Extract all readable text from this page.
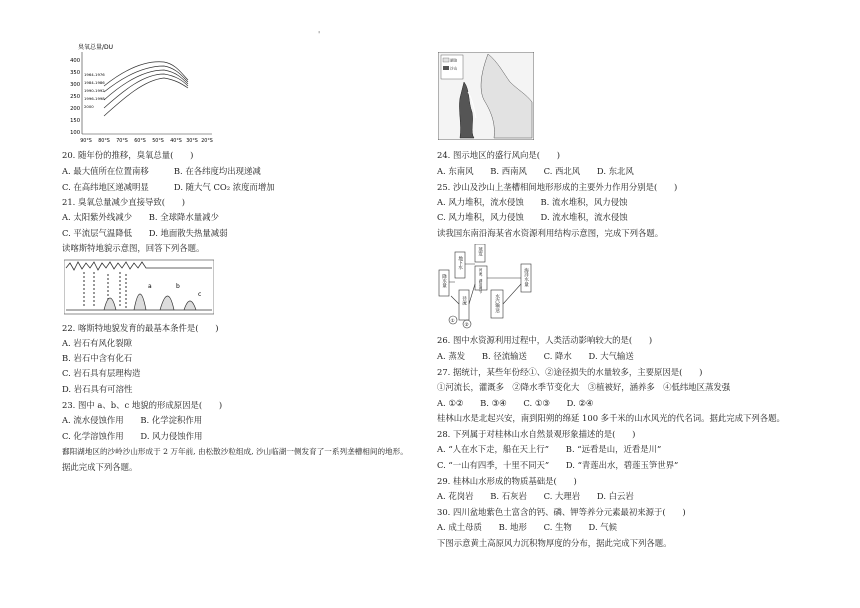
'
臭氧总量/DU
400
350
300
250
200
150
100
90°S 80°S 70°S 60°S 50°S 40°S 30°S 20°S
1964-1976
1984-1986
1990-1992
1996-1998
2000
20. 随年份的推移，臭氧总量(　　)
A. 最大值所在位置南移　　　B. 在各纬度均出现递减
C. 在高纬地区递减明显　　　D. 随大气 CO₂ 浓度而增加
21. 臭氧总量减少直接导致(　　)
A. 太阳紫外线减少　　B. 全球降水量减少
C. 平流层气温降低　　D. 地面散失热量减弱
读喀斯特地貌示意图，回答下列各题。
a	b
c
22. 喀斯特地貌发育的最基本条件是(　　)
A. 岩石有风化裂隙
B. 岩石中含有化石
C. 岩石具有层理构造
D. 岩石具有可溶性
23. 图中 a、b、c 地貌的形成原因是(　　)
A. 流水侵蚀作用　　B. 化学淀积作用
C. 化学溶蚀作用　　D. 风力侵蚀作用
鄱阳湖地区的沙岭沙山形成于 2 万年前, 由松散沙粒组成, 沙山临湖一侧发育了一系列垄槽相间的地形。
据此完成下列各题。
湖泊
沙山
24. 图示地区的盛行风向是(　　)
A. 东南风　　B. 西南风　　C. 西北风　　D. 东北风
25. 沙山及沙山上垄槽相间地形形成的主要外力作用分别是(　　)
A. 风力堆积，流水侵蚀　　B. 流水堆积，风力侵蚀
C. 风力堆积，风力侵蚀　　D. 流水堆积，流水侵蚀
读我国东南沿海某省水资源利用结构示意图，完成下列各题。
降水量
地下水
蒸发
径流
河流、湖泊调节
水汽输送
海洋水量
①
②
26. 图中水资源利用过程中，人类活动影响较大的是(　　)
A. 蒸发　　B. 径流输送　　C. 降水　　D. 大气输送
27. 据统计，某些年份经①、②途径损失的水量较多，主要原因是(　　)
①河流长，灌溉多　②降水季节变化大　③植被好，涵养多　④低纬地区蒸发强
A. ①②　　B. ③④　　C. ①③　　D. ②④
桂林山水是北起兴安，南到阳朔的绵延 100 多千米的山水风光的代名词。据此完成下列各题。
28. 下列属于对桂林山水自然景观形象描述的是(　　)
A. “人在水下走，船在天上行”　　B. “远看是山，近看是川”
C. “一山有四季，十里不同天”　　D. “青莲出水，碧莲玉笋世界”
29. 桂林山水形成的物质基础是(　　)
A. 花岗岩　　B. 石灰岩　　C. 大理岩　　D. 白云岩
30. 四川盆地紫色土富含的钙、磷、钾等养分元素最初来源于(　　)
A. 成土母质　　B. 地形　　C. 生物　　D. 气候
下图示意黄土高原风力沉积物厚度的分布，据此完成下列各题。
